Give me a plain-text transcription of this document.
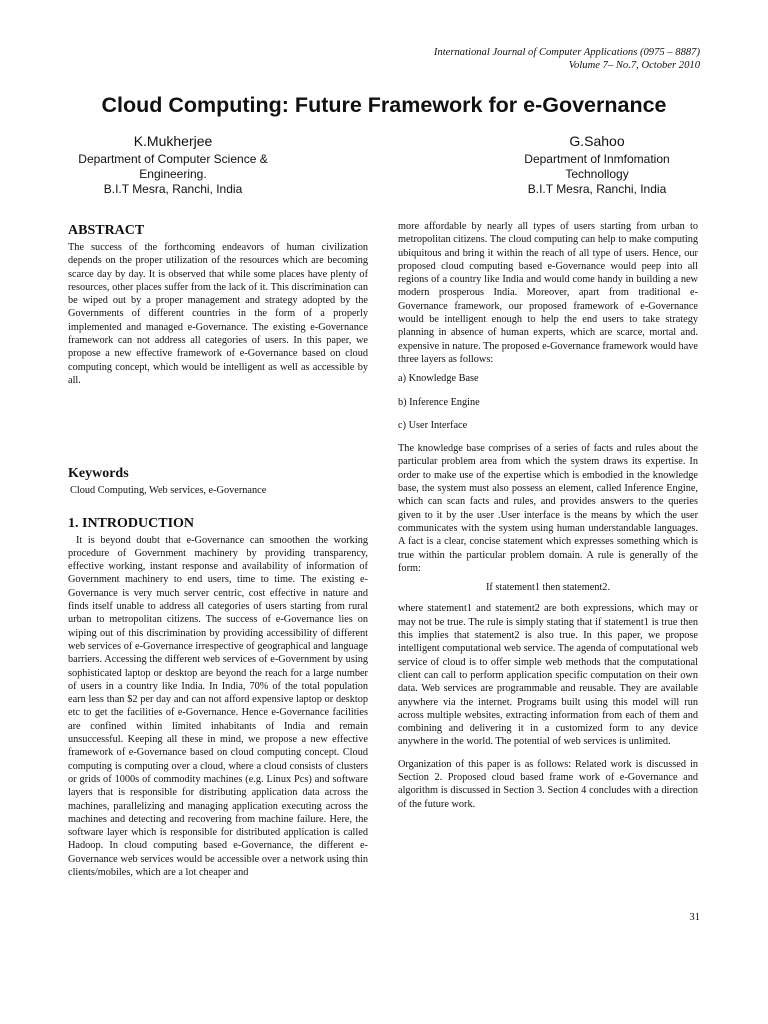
International Journal of Computer Applications (0975 – 8887)
Volume 7– No.7, October 2010
Cloud Computing: Future Framework for e-Governance
K.Mukherjee
Department of Computer Science &
Engineering.
B.I.T Mesra, Ranchi, India
G.Sahoo
Department of Inmfomation
Technollogy
B.I.T Mesra, Ranchi, India
ABSTRACT

The success of the forthcoming endeavors of human civilization depends on the proper utilization of the resources which are becoming scarce day by day. It is observed that while some places have plenty of resources, other places suffer from the lack of it. This discrimination can be wiped out by a proper management and strategy adopted by the Governments of different countries in the form of a properly implemented and managed e-Governance. The existing e-Governance framework can not address all categories of users. In this paper, we propose a new effective framework of e-Governance based on cloud computing concept, which would be intelligent as well as accessible by all.

Keywords

Cloud Computing, Web services, e-Governance

1. INTRODUCTION

It is beyond doubt that e-Governance can smoothen the working procedure of Government machinery by providing transparency, effective working, instant response and availability of information of Government machinery to end users, time to time. The existing e-Governance is very much server centric, cost effective in nature and finds itself unable to address all categories of users starting from rural urban to metropolitan citizens. The success of e-Governance lies on wiping out of this discrimination by providing accessibility of different web services of e-Governance irrespective of geographical and language barriers. Accessing the different web services of e-Government by using sophisticated laptop or desktop are beyond the reach for a large number of users in a country like India. In India, 70% of the total population earn less than $2 per day and can not afford expensive laptop or desktop etc to get the facilities of e-Governance. Hence e-Governance facilities are confined within limited inhabitants of India and remain unsuccessful. Keeping all these in mind, we propose a new effective framework of e-Governance based on cloud computing concept. Cloud computing is computing over a cloud, where a cloud consists of clusters or grids of 1000s of commodity machines (e.g. Linux Pcs) and software layers that is responsible for distributing application data across the machines, parallelizing and managing application executing across the machines and detecting and recovering from machine failure. Here, the software layer which is responsible for distributed application is called Hadoop. In cloud computing based e-Governance, the different e-Governance web services would be accessible over a network using thin clients/mobiles, which are a lot cheaper and

more affordable by nearly all types of users starting from urban to metropolitan citizens. The cloud computing can help to make computing ubiquitous and bring it within the reach of all type of users. Hence, our proposed cloud computing based e-Governance would peep into all regions of a country like India and would come handy in building a new modern prosperous India. Moreover, apart from traditional e-Governance framework, our proposed framework of e-Governance would be intelligent enough to help the end users to take strategy planning in absence of human experts, which are scarce, mortal and. expensive in nature. The proposed e-Governance framework would have three layers as follows:

a) Knowledge Base
b) Inference Engine
c) User Interface

The knowledge base comprises of a series of facts and rules about the particular problem area from which the system draws its expertise. In order to make use of the expertise which is embodied in the knowledge base, the system must also possess an element, called Inference Engine, which can scan facts and rules, and provides answers to the queries given to it by the user .User interface is the means by which the user communicates with the system using human understandable languages. A fact is a clear, concise statement which expresses something which is true within the particular problem domain. A rule is generally of the form:

If statement1 then statement2.

where statement1 and statement2 are both expressions, which may or may not be true. The rule is simply stating that if statement1 is true then this implies that statement2 is also true. In this paper, we propose intelligent computational web service. The agenda of computational web service of cloud is to offer simple web methods that the computational client can call to perform application specific computation on their own data. Web services are programmable and reusable. They are available anywhere via the internet. Programs built using this model will run across multiple websites, extracting information from each of them and combining and delivering it in a customized form to any device anywhere in the world. The potential of web services is unlimited.

Organization of this paper is as follows: Related work is discussed in Section 2. Proposed cloud based frame work of e-Governance and algorithm is discussed in Section 3. Section 4 concludes with a direction of the future work.

31
